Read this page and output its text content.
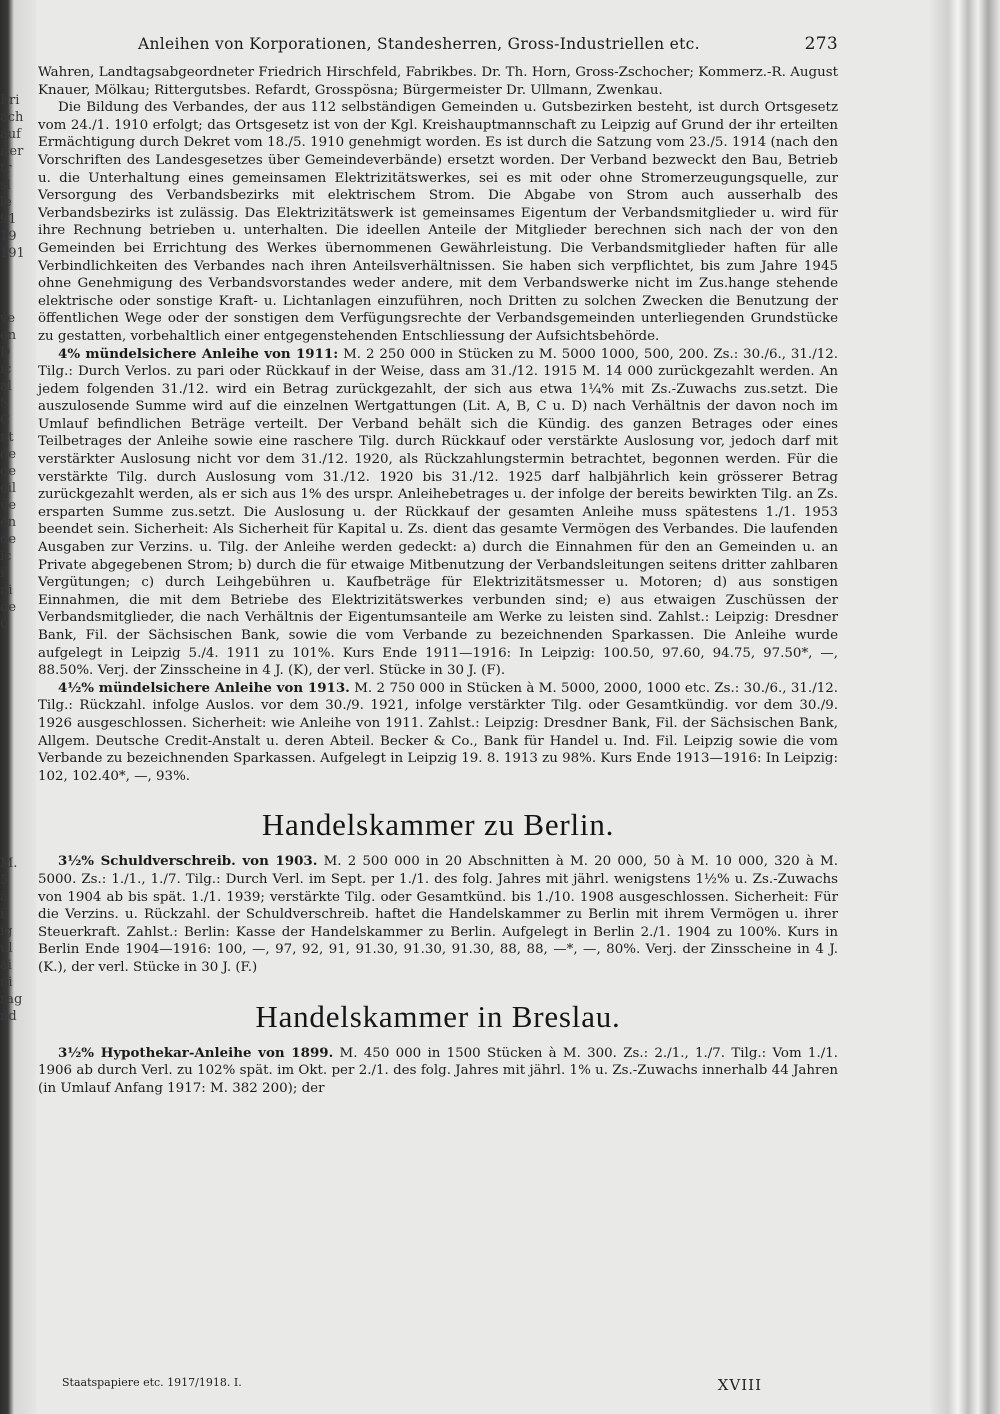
Fri
ach
auf
iter
tr
sl
le
91
19
191
ve
en
D
ic
al
S
C
nt
de
ge
eil
ue
en
de
ic
il
ni
de
0
M.
5
a
il
ig
ul
ai
ni
rag
nd
Anleihen von Korporationen, Standesherren, Gross-Industriellen etc.	273

Wahren, Landtagsabgeordneter Friedrich Hirschfeld, Fabrikbes. Dr. Th. Horn, Gross-Zschocher; Kommerz.-R. August Knauer, Mölkau; Rittergutsbes. Refardt, Grosspösna; Bürgermeister Dr. Ullmann, Zwenkau.

Die Bildung des Verbandes, der aus 112 selbständigen Gemeinden u. Gutsbezirken besteht, ist durch Ortsgesetz vom 24./1. 1910 erfolgt; das Ortsgesetz ist von der Kgl. Kreishauptmannschaft zu Leipzig auf Grund der ihr erteilten Ermächtigung durch Dekret vom 18./5. 1910 genehmigt worden. Es ist durch die Satzung vom 23./5. 1914 (nach den Vorschriften des Landesgesetzes über Gemeindeverbände) ersetzt worden. Der Verband bezweckt den Bau, Betrieb u. die Unterhaltung eines gemeinsamen Elektrizitätswerkes, sei es mit oder ohne Stromerzeugungsquelle, zur Versorgung des Verbandsbezirks mit elektrischem Strom. Die Abgabe von Strom auch ausserhalb des Verbandsbezirks ist zulässig. Das Elektrizitätswerk ist gemeinsames Eigentum der Verbandsmitglieder u. wird für ihre Rechnung betrieben u. unterhalten. Die ideellen Anteile der Mitglieder berechnen sich nach der von den Gemeinden bei Errichtung des Werkes übernommenen Gewährleistung. Die Verbandsmitglieder haften für alle Verbindlichkeiten des Verbandes nach ihren Anteilsverhältnissen. Sie haben sich verpflichtet, bis zum Jahre 1945 ohne Genehmigung des Verbandsvorstandes weder andere, mit dem Verbandswerke nicht im Zus.hange stehende elektrische oder sonstige Kraft- u. Lichtanlagen einzuführen, noch Dritten zu solchen Zwecken die Benutzung der öffentlichen Wege oder der sonstigen dem Verfügungsrechte der Verbandsgemeinden unterliegenden Grundstücke zu gestatten, vorbehaltlich einer entgegenstehenden Entschliessung der Aufsichtsbehörde.

4% mündelsichere Anleihe von 1911: M. 2 250 000 in Stücken zu M. 5000 1000, 500, 200. Zs.: 30./6., 31./12. Tilg.: Durch Verlos. zu pari oder Rückkauf in der Weise, dass am 31./12. 1915 M. 14 000 zurückgezahlt werden. An jedem folgenden 31./12. wird ein Betrag zurückgezahlt, der sich aus etwa 1¼% mit Zs.-Zuwachs zus.setzt. Die auszulosende Summe wird auf die einzelnen Wertgattungen (Lit. A, B, C u. D) nach Verhältnis der davon noch im Umlauf befindlichen Beträge verteilt. Der Verband behält sich die Kündig. des ganzen Betrages oder eines Teilbetrages der Anleihe sowie eine raschere Tilg. durch Rückkauf oder verstärkte Auslosung vor, jedoch darf mit verstärkter Auslosung nicht vor dem 31./12. 1920, als Rückzahlungstermin betrachtet, begonnen werden. Für die verstärkte Tilg. durch Auslosung vom 31./12. 1920 bis 31./12. 1925 darf halbjährlich kein grösserer Betrag zurückgezahlt werden, als er sich aus 1% des urspr. Anleihebetrages u. der infolge der bereits bewirkten Tilg. an Zs. ersparten Summe zus.setzt. Die Auslosung u. der Rückkauf der gesamten Anleihe muss spätestens 1./1. 1953 beendet sein. Sicherheit: Als Sicherheit für Kapital u. Zs. dient das gesamte Vermögen des Verbandes. Die laufenden Ausgaben zur Verzins. u. Tilg. der Anleihe werden gedeckt: a) durch die Einnahmen für den an Gemeinden u. an Private abgegebenen Strom; b) durch die für etwaige Mitbenutzung der Verbandsleitungen seitens dritter zahlbaren Vergütungen; c) durch Leihgebühren u. Kaufbeträge für Elektrizitätsmesser u. Motoren; d) aus sonstigen Einnahmen, die mit dem Betriebe des Elektrizitätswerkes verbunden sind; e) aus etwaigen Zuschüssen der Verbandsmitglieder, die nach Verhältnis der Eigentumsanteile am Werke zu leisten sind. Zahlst.: Leipzig: Dresdner Bank, Fil. der Sächsischen Bank, sowie die vom Verbande zu bezeichnenden Sparkassen. Die Anleihe wurde aufgelegt in Leipzig 5./4. 1911 zu 101%. Kurs Ende 1911—1916: In Leipzig: 100.50, 97.60, 94.75, 97.50*, —, 88.50%. Verj. der Zinsscheine in 4 J. (K), der verl. Stücke in 30 J. (F).

4½% mündelsichere Anleihe von 1913. M. 2 750 000 in Stücken à M. 5000, 2000, 1000 etc. Zs.: 30./6., 31./12. Tilg.: Rückzahl. infolge Auslos. vor dem 30./9. 1921, infolge verstärkter Tilg. oder Gesamtkündig. vor dem 30./9. 1926 ausgeschlossen. Sicherheit: wie Anleihe von 1911. Zahlst.: Leipzig: Dresdner Bank, Fil. der Sächsischen Bank, Allgem. Deutsche Credit-Anstalt u. deren Abteil. Becker & Co., Bank für Handel u. Ind. Fil. Leipzig sowie die vom Verbande zu bezeichnenden Sparkassen. Aufgelegt in Leipzig 19. 8. 1913 zu 98%. Kurs Ende 1913—1916: In Leipzig: 102, 102.40*, —, 93%.

Handelskammer zu Berlin.

3½% Schuldverschreib. von 1903. M. 2 500 000 in 20 Abschnitten à M. 20 000, 50 à M. 10 000, 320 à M. 5000. Zs.: 1./1., 1./7. Tilg.: Durch Verl. im Sept. per 1./1. des folg. Jahres mit jährl. wenigstens 1½% u. Zs.-Zuwachs von 1904 ab bis spät. 1./1. 1939; verstärkte Tilg. oder Gesamtkünd. bis 1./10. 1908 ausgeschlossen. Sicherheit: Für die Verzins. u. Rückzahl. der Schuldverschreib. haftet die Handelskammer zu Berlin mit ihrem Vermögen u. ihrer Steuerkraft. Zahlst.: Berlin: Kasse der Handelskammer zu Berlin. Aufgelegt in Berlin 2./1. 1904 zu 100%. Kurs in Berlin Ende 1904—1916: 100, —, 97, 92, 91, 91.30, 91.30, 91.30, 88, 88, —*, —, 80%. Verj. der Zinsscheine in 4 J. (K.), der verl. Stücke in 30 J. (F.)

Handelskammer in Breslau.

3½% Hypothekar-Anleihe von 1899. M. 450 000 in 1500 Stücken à M. 300. Zs.: 2./1., 1./7. Tilg.: Vom 1./1. 1906 ab durch Verl. zu 102% spät. im Okt. per 2./1. des folg. Jahres mit jährl. 1% u. Zs.-Zuwachs innerhalb 44 Jahren (in Umlauf Anfang 1917: M. 382 200); der

Staatspapiere etc. 1917/1918. I.	XVIII
